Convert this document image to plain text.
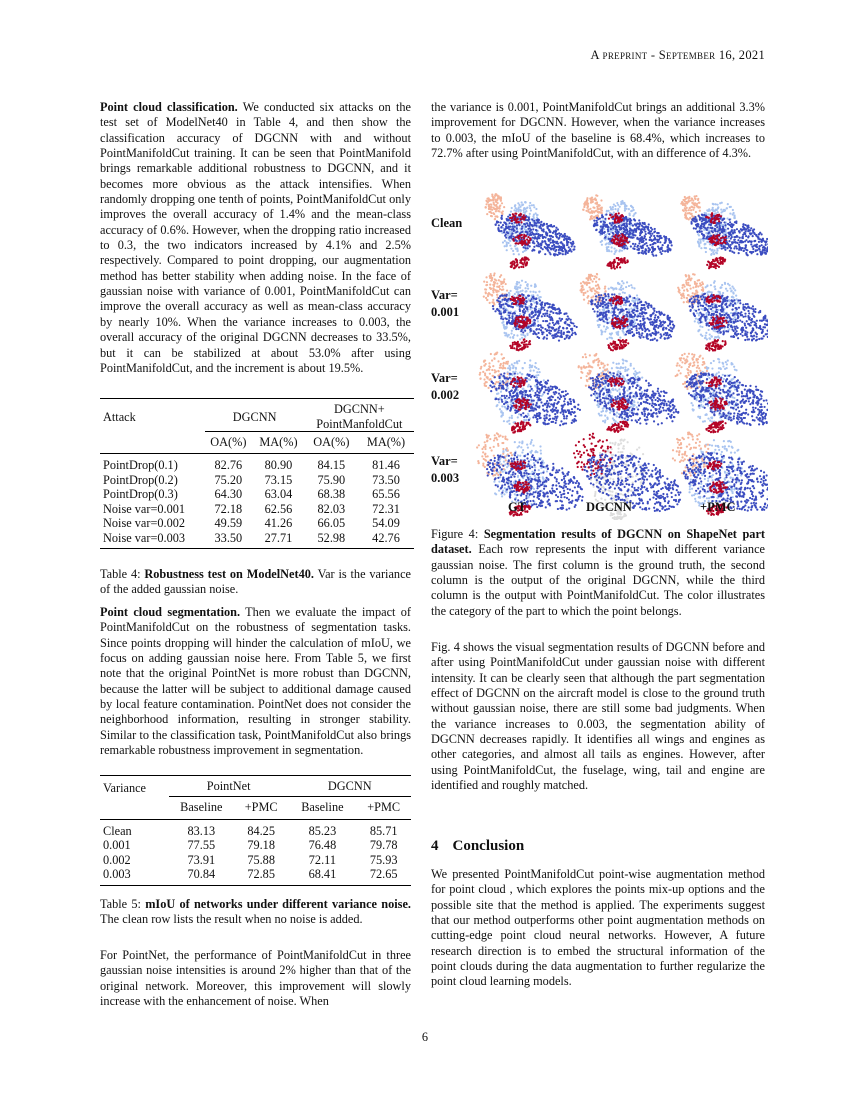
A preprint - September 16, 2021
Point cloud classification. We conducted six attacks on the test set of ModelNet40 in Table 4, and then show the classification accuracy of DGCNN with and without PointManifoldCut training. It can be seen that PointManifold brings remarkable additional robustness to DGCNN, and it becomes more obvious as the attack intensifies. When randomly dropping one tenth of points, PointManifoldCut only improves the overall accuracy of 1.4% and the mean-class accuracy of 0.6%. However, when the dropping ratio increased to 0.3, the two indicators increased by 4.1% and 2.5% respectively. Compared to point dropping, our augmentation method has better stability when adding noise. In the face of gaussian noise with variance of 0.001, PointManifoldCut can improve the overall accuracy as well as mean-class accuracy by nearly 10%. When the variance increases to 0.003, the overall accuracy of the original DGCNN decreases to 33.5%, but it can be stabilized at about 53.0% after using PointManifoldCut, and the increment is about 19.5%.
Attack	DGCNN		DGCNN+
PointManfoldCut	

	OA(%)	MA(%)	OA(%)	MA(%)
PointDrop(0.1)	82.76	80.90	84.15	81.46
PointDrop(0.2)	75.20	73.15	75.90	73.50
PointDrop(0.3)	64.30	63.04	68.38	65.56
Noise var=0.001	72.18	62.56	82.03	72.31
Noise var=0.002	49.59	41.26	66.05	54.09
Noise var=0.003	33.50	27.71	52.98	42.76
Table 4: Robustness test on ModelNet40. Var is the variance of the added gaussian noise.
Point cloud segmentation. Then we evaluate the impact of PointManifoldCut on the robustness of segmentation tasks. Since points dropping will hinder the calculation of mIoU, we focus on adding gaussian noise here. From Table 5, we first note that the original PointNet is more robust than DGCNN, because the latter will be subject to additional damage caused by local feature contamination. PointNet does not consider the neighborhood information, resulting in stronger stability. Similar to the classification task, PointManifoldCut also brings remarkable robustness improvement in segmentation.
Variance	PointNet		DGCNN	

	Baseline	+PMC	Baseline	+PMC
Clean	83.13	84.25	85.23	85.71
0.001	77.55	79.18	76.48	79.78
0.002	73.91	75.88	72.11	75.93
0.003	70.84	72.85	68.41	72.65
Table 5: mIoU of networks under different variance noise. The clean row lists the result when no noise is added.
For PointNet, the performance of PointManifoldCut in three gaussian noise intensities is around 2% higher than that of the original network. Moreover, this improvement will slowly increase with the enhancement of noise. When
the variance is 0.001, PointManifoldCut brings an additional 3.3% improvement for DGCNN. However, when the variance increases to 0.003, the mIoU of the baseline is 68.4%, which increases to 72.7% after using PointManifoldCut, with an difference of 4.3%.
Clean
Var=
0.001
Var=
0.002
Var=
0.003
GT	DGCNN	+PMC
Figure 4: Segmentation results of DGCNN on ShapeNet part dataset. Each row represents the input with different variance gaussian noise. The first column is the ground truth, the second column is the output of the original DGCNN, while the third column is the output with PointManifoldCut. The color illustrates the category of the part to which the point belongs.
Fig. 4 shows the visual segmentation results of DGCNN before and after using PointManifoldCut under gaussian noise with different intensity. It can be clearly seen that although the part segmentation effect of DGCNN on the aircraft model is close to the ground truth without gaussian noise, there are still some bad judgments. When the variance increases to 0.003, the segmentation ability of DGCNN decreases rapidly. It identifies all wings and engines as other categories, and almost all tails as engines. However, after using PointManifoldCut, the fuselage, wing, tail and engine are identified and roughly matched.
4 Conclusion
We presented PointManifoldCut point-wise augmentation method for point cloud , which explores the points mix-up options and the possible site that the method is applied. The experiments suggest that our method outperforms other point augmentation methods on cutting-edge point cloud neural networks. However, A future research direction is to embed the structural information of the point clouds during the data augmentation to further regularize the point cloud learning models.
6
